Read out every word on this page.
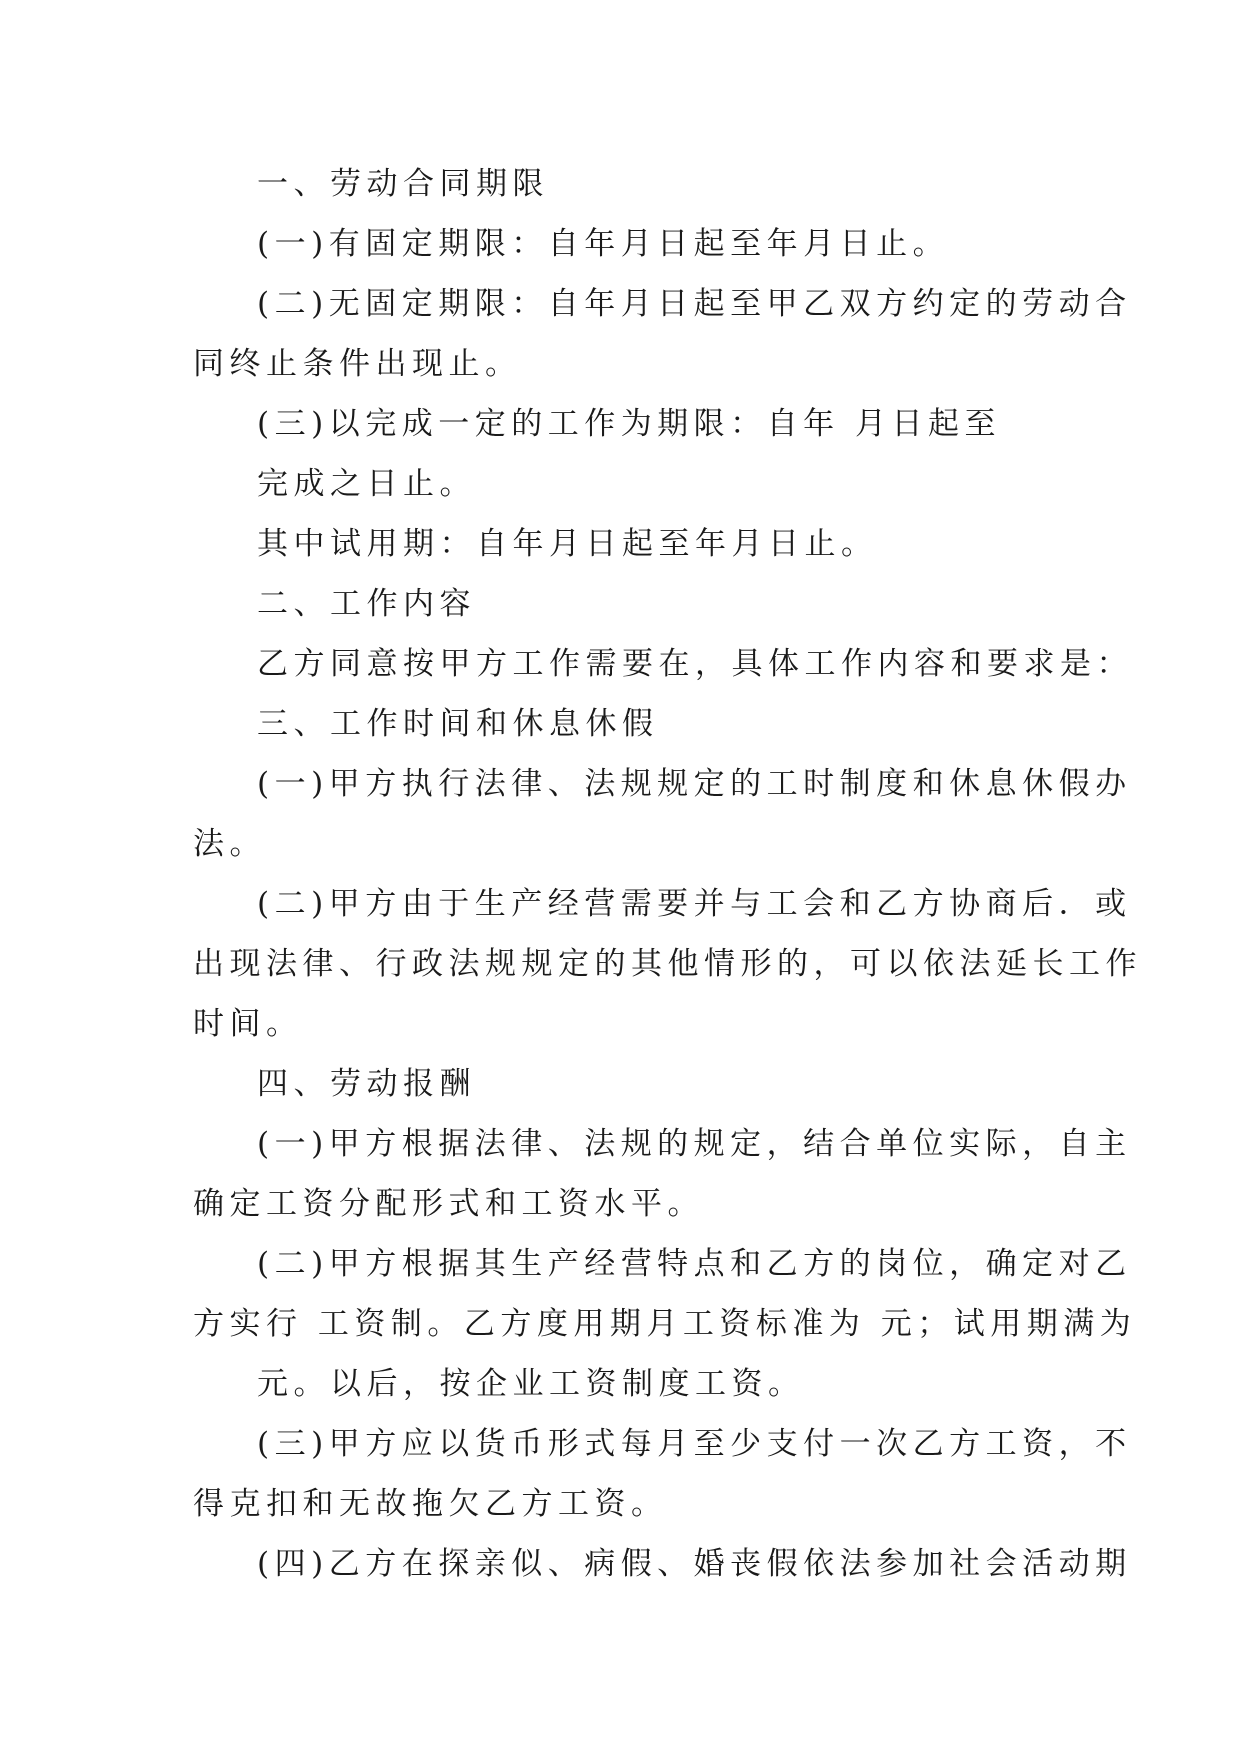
一、劳动合同期限
(一)有固定期限：自年月日起至年月日止。
(二)无固定期限：自年月日起至甲乙双方约定的劳动合
同终止条件出现止。
(三)以完成一定的工作为期限：自年 月日起至
完成之日止。
其中试用期：自年月日起至年月日止。
二、工作内容
乙方同意按甲方工作需要在，具体工作内容和要求是：
三、工作时间和休息休假
(一)甲方执行法律、法规规定的工时制度和休息休假办
法。
(二)甲方由于生产经营需要并与工会和乙方协商后．或
出现法律、行政法规规定的其他情形的，可以依法延长工作
时间。
四、劳动报酬
(一)甲方根据法律、法规的规定，结合单位实际，自主
确定工资分配形式和工资水平。
(二)甲方根据其生产经营特点和乙方的岗位，确定对乙
方实行 工资制。乙方度用期月工资标准为 元；试用期满为
元。以后，按企业工资制度工资。
(三)甲方应以货币形式每月至少支付一次乙方工资，不
得克扣和无故拖欠乙方工资。
(四)乙方在探亲似、病假、婚丧假依法参加社会活动期
